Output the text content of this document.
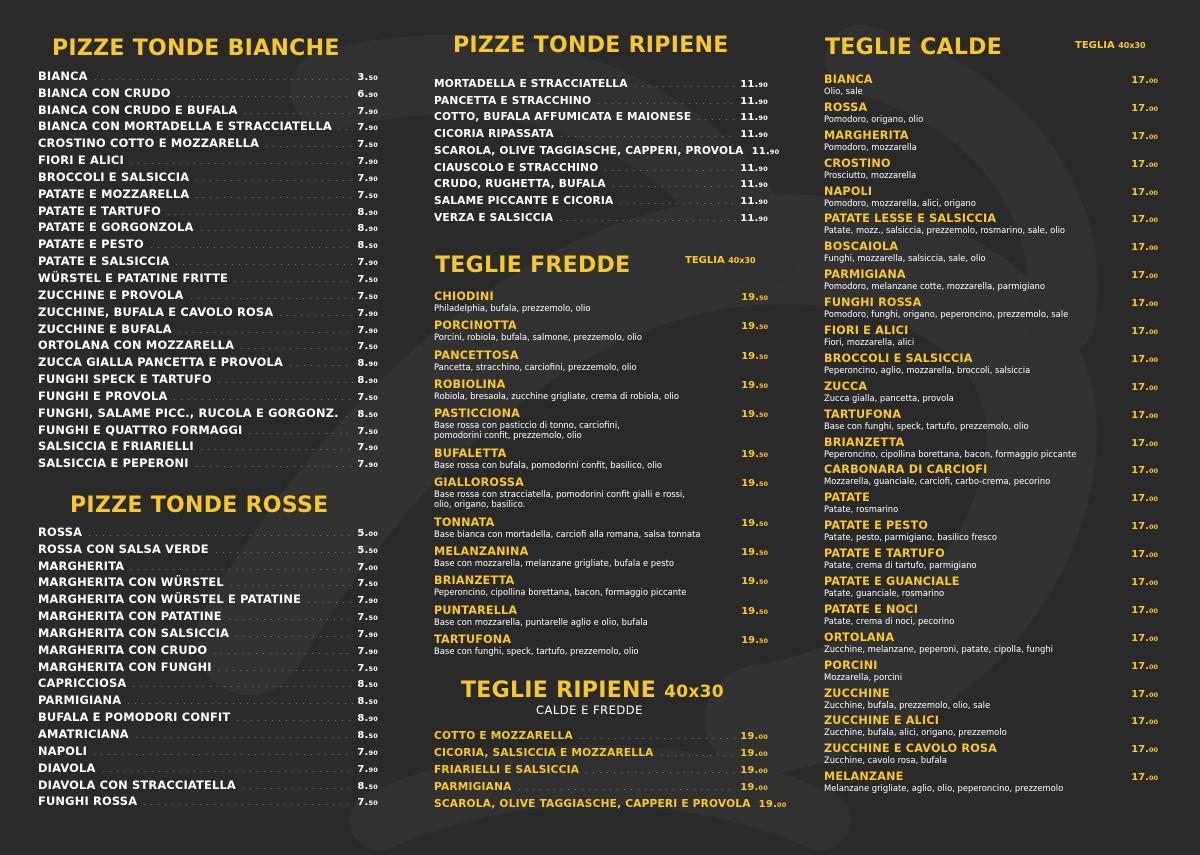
PIZZE TONDE BIANCHE
BIANCA	3.50
BIANCA CON CRUDO	6.90
BIANCA CON CRUDO E BUFALA	7.90
BIANCA CON MORTADELLA E STRACCIATELLA	7.90
CROSTINO COTTO E MOZZARELLA	7.50
FIORI E ALICI	7.90
BROCCOLI E SALSICCIA	7.90
PATATE E MOZZARELLA	7.50
PATATE E TARTUFO	8.90
PATATE E GORGONZOLA	8.90
PATATE E PESTO	8.50
PATATE E SALSICCIA	7.90
WÜRSTEL E PATATINE FRITTE	7.50
ZUCCHINE E PROVOLA	7.50
ZUCCHINE, BUFALA E CAVOLO ROSA	7.90
ZUCCHINE E BUFALA	7.90
ORTOLANA CON MOZZARELLA	7.50
ZUCCA GIALLA PANCETTA E PROVOLA	8.90
FUNGHI SPECK E TARTUFO	8.90
FUNGHI E PROVOLA	7.50
FUNGHI, SALAME PICC., RUCOLA E GORGONZ. 8.50
FUNGHI E QUATTRO FORMAGGI	7.50
SALSICCIA E FRIARIELLI	7.90
SALSICCIA E PEPERONI	7.90
PIZZE TONDE ROSSE
ROSSA	5.00
ROSSA CON SALSA VERDE	5.50
MARGHERITA	7.00
MARGHERITA CON WÜRSTEL	7.50
MARGHERITA CON WÜRSTEL E PATATINE	7.90
MARGHERITA CON PATATINE	7.50
MARGHERITA CON SALSICCIA	7.90
MARGHERITA CON CRUDO	7.90
MARGHERITA CON FUNGHI	7.50
CAPRICCIOSA	8.50
PARMIGIANA	8.50
BUFALA E POMODORI CONFIT	8.90
AMATRICIANA	8.50
NAPOLI	7.90
DIAVOLA	7.90
DIAVOLA CON STRACCIATELLA	8.50
FUNGHI ROSSA	7.50
PIZZE TONDE RIPIENE
MORTADELLA E STRACCIATELLA	11.90
PANCETTA E STRACCHINO	11.90
COTTO, BUFALA AFFUMICATA E MAIONESE	11.90
CICORIA RIPASSATA	11.90
SCAROLA, OLIVE TAGGIASCHE, CAPPERI, PROVOLA 11.90
CIAUSCOLO E STRACCHINO	11.90
CRUDO, RUGHETTA, BUFALA	11.90
SALAME PICCANTE E CICORIA	11.90
VERZA E SALSICCIA	11.90
TEGLIE FREDDE	TEGLIA 40x30
CHIODINI	19.50
Philadelphia, bufala, prezzemolo, olio
PORCINOTTA	19.50
Porcini, robiola, bufala, salmone, prezzemolo, olio
PANCETTOSA	19.50
Pancetta, stracchino, carciofini, prezzemolo, olio
ROBIOLINA	19.50
Robiola, bresaola, zucchine grigliate, crema di robiola, olio
PASTICCIONA	19.50
Base rossa con pasticcio di tonno, carciofini,
pomodorini confit, prezzemolo, olio
BUFALETTA	19.50
Base rossa con bufala, pomodorini confit, basilico, olio
GIALLOROSSA	19.50
Base rossa con stracciatella, pomodorini confit gialli e rossi,
olio, origano, basilico.
TONNATA	19.50
Base bianca con mortadella, carciofi alla romana, salsa tonnata
MELANZANINA	19.50
Base con mozzarella, melanzane grigliate, bufala e pesto
BRIANZETTA	19.50
Peperoncino, cipollina borettana, bacon, formaggio piccante
PUNTARELLA	19.50
Base con mozzarella, puntarelle aglio e olio, bufala
TARTUFONA	19.50
Base con funghi, speck, tartufo, prezzemolo, olio
TEGLIE RIPIENE 40x30
CALDE E FREDDE
COTTO E MOZZARELLA	19.00
CICORIA, SALSICCIA E MOZZARELLA	19.00
FRIARIELLI E SALSICCIA	19.00
PARMIGIANA	19.00
SCAROLA, OLIVE TAGGIASCHE, CAPPERI E PROVOLA 19.00
TEGLIE CALDE	TEGLIA 40x30
BIANCA	17.00
Olio, sale
ROSSA	17.00
Pomodoro, origano, olio
MARGHERITA	17.00
Pomodoro, mozzarella
CROSTINO	17.00
Prosciutto, mozzarella
NAPOLI	17.00
Pomodoro, mozzarella, alici, origano
PATATE LESSE E SALSICCIA	17.00
Patate, mozz., salsiccia, prezzemolo, rosmarino, sale, olio
BOSCAIOLA	17.00
Funghi, mozzarella, salsiccia, sale, olio
PARMIGIANA	17.00
Pomodoro, melanzane cotte, mozzarella, parmigiano
FUNGHI ROSSA	17.00
Pomodoro, funghi, origano, peperoncino, prezzemolo, sale
FIORI E ALICI	17.00
Fiori, mozzarella, alici
BROCCOLI E SALSICCIA	17.00
Peperoncino, aglio, mozzarella, broccoli, salsiccia
ZUCCA	17.00
Zucca gialla, pancetta, provola
TARTUFONA	17.00
Base con funghi, speck, tartufo, prezzemolo, olio
BRIANZETTA	17.00
Peperoncino, cipollina borettana, bacon, formaggio piccante
CARBONARA DI CARCIOFI	17.00
Mozzarella, guanciale, carciofi, carbo-crema, pecorino
PATATE	17.00
Patate, rosmarino
PATATE E PESTO	17.00
Patate, pesto, parmigiano, basilico fresco
PATATE E TARTUFO	17.00
Patate, crema di tartufo, parmigiano
PATATE E GUANCIALE	17.00
Patate, guanciale, rosmarino
PATATE E NOCI	17.00
Patate, crema di noci, pecorino
ORTOLANA	17.00
Zucchine, melanzane, peperoni, patate, cipolla, funghi
PORCINI	17.00
Mozzarella, porcini
ZUCCHINE	17.00
Zucchine, bufala, prezzemolo, olio, sale
ZUCCHINE E ALICI	17.00
Zucchine, bufala, alici, origano, prezzemolo
ZUCCHINE E CAVOLO ROSA	17.00
Zucchine, cavolo rosa, bufala
MELANZANE	17.00
Melanzane grigliate, aglio, olio, peperoncino, prezzemolo
